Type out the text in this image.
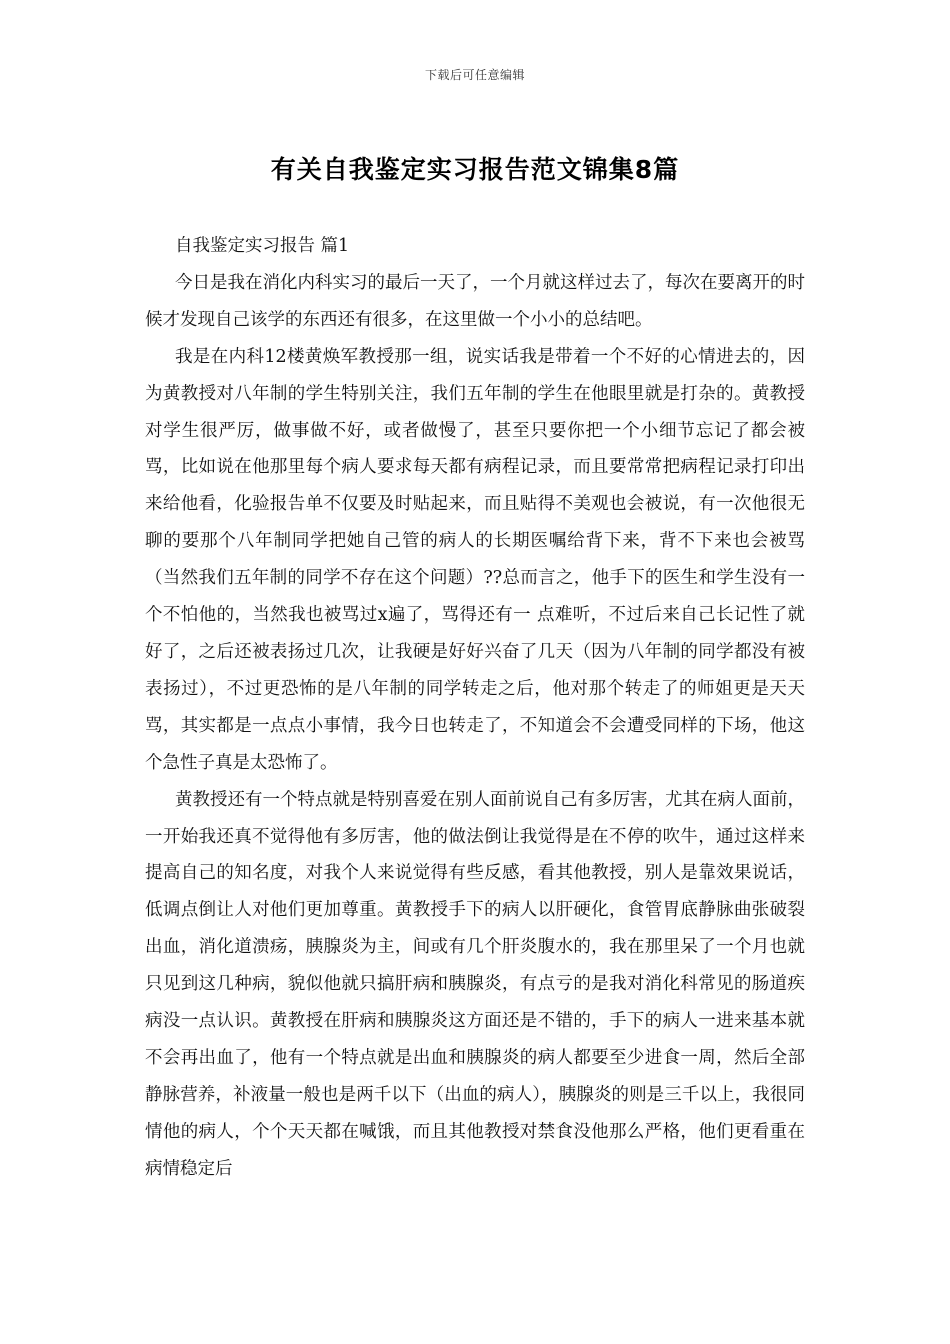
下载后可任意编辑
有关自我鉴定实习报告范文锦集8篇

自我鉴定实习报告 篇1

今日是我在消化内科实习的最后一天了，一个月就这样过去了，每次在要离开的时候才发现自己该学的东西还有很多，在这里做一个小小的总结吧。

我是在内科12楼黄焕军教授那一组，说实话我是带着一个不好的心情进去的，因为黄教授对八年制的学生特别关注，我们五年制的学生在他眼里就是打杂的。黄教授对学生很严厉，做事做不好，或者做慢了，甚至只要你把一个小细节忘记了都会被骂，比如说在他那里每个病人要求每天都有病程记录，而且要常常把病程记录打印出来给他看，化验报告单不仅要及时贴起来，而且贴得不美观也会被说，有一次他很无聊的要那个八年制同学把她自己管的病人的长期医嘱给背下来，背不下来也会被骂（当然我们五年制的同学不存在这个问题）??总而言之，他手下的医生和学生没有一个不怕他的，当然我也被骂过x遍了，骂得还有一 点难听，不过后来自己长记性了就好了，之后还被表扬过几次，让我硬是好好兴奋了几天（因为八年制的同学都没有被表扬过），不过更恐怖的是八年制的同学转走之后，他对那个转走了的师姐更是天天骂，其实都是一点点小事情，我今日也转走了，不知道会不会遭受同样的下场，他这个急性子真是太恐怖了。

黄教授还有一个特点就是特别喜爱在别人面前说自己有多厉害，尤其在病人面前，一开始我还真不觉得他有多厉害，他的做法倒让我觉得是在不停的吹牛，通过这样来提高自己的知名度，对我个人来说觉得有些反感，看其他教授，别人是靠效果说话，低调点倒让人对他们更加尊重。黄教授手下的病人以肝硬化，食管胃底静脉曲张破裂出血，消化道溃疡，胰腺炎为主，间或有几个肝炎腹水的，我在那里呆了一个月也就只见到这几种病，貌似他就只搞肝病和胰腺炎，有点亏的是我对消化科常见的肠道疾病没一点认识。黄教授在肝病和胰腺炎这方面还是不错的，手下的病人一进来基本就不会再出血了，他有一个特点就是出血和胰腺炎的病人都要至少进食一周，然后全部静脉营养，补液量一般也是两千以下（出血的病人），胰腺炎的则是三千以上，我很同情他的病人，个个天天都在喊饿，而且其他教授对禁食没他那么严格，他们更看重在病情稳定后
